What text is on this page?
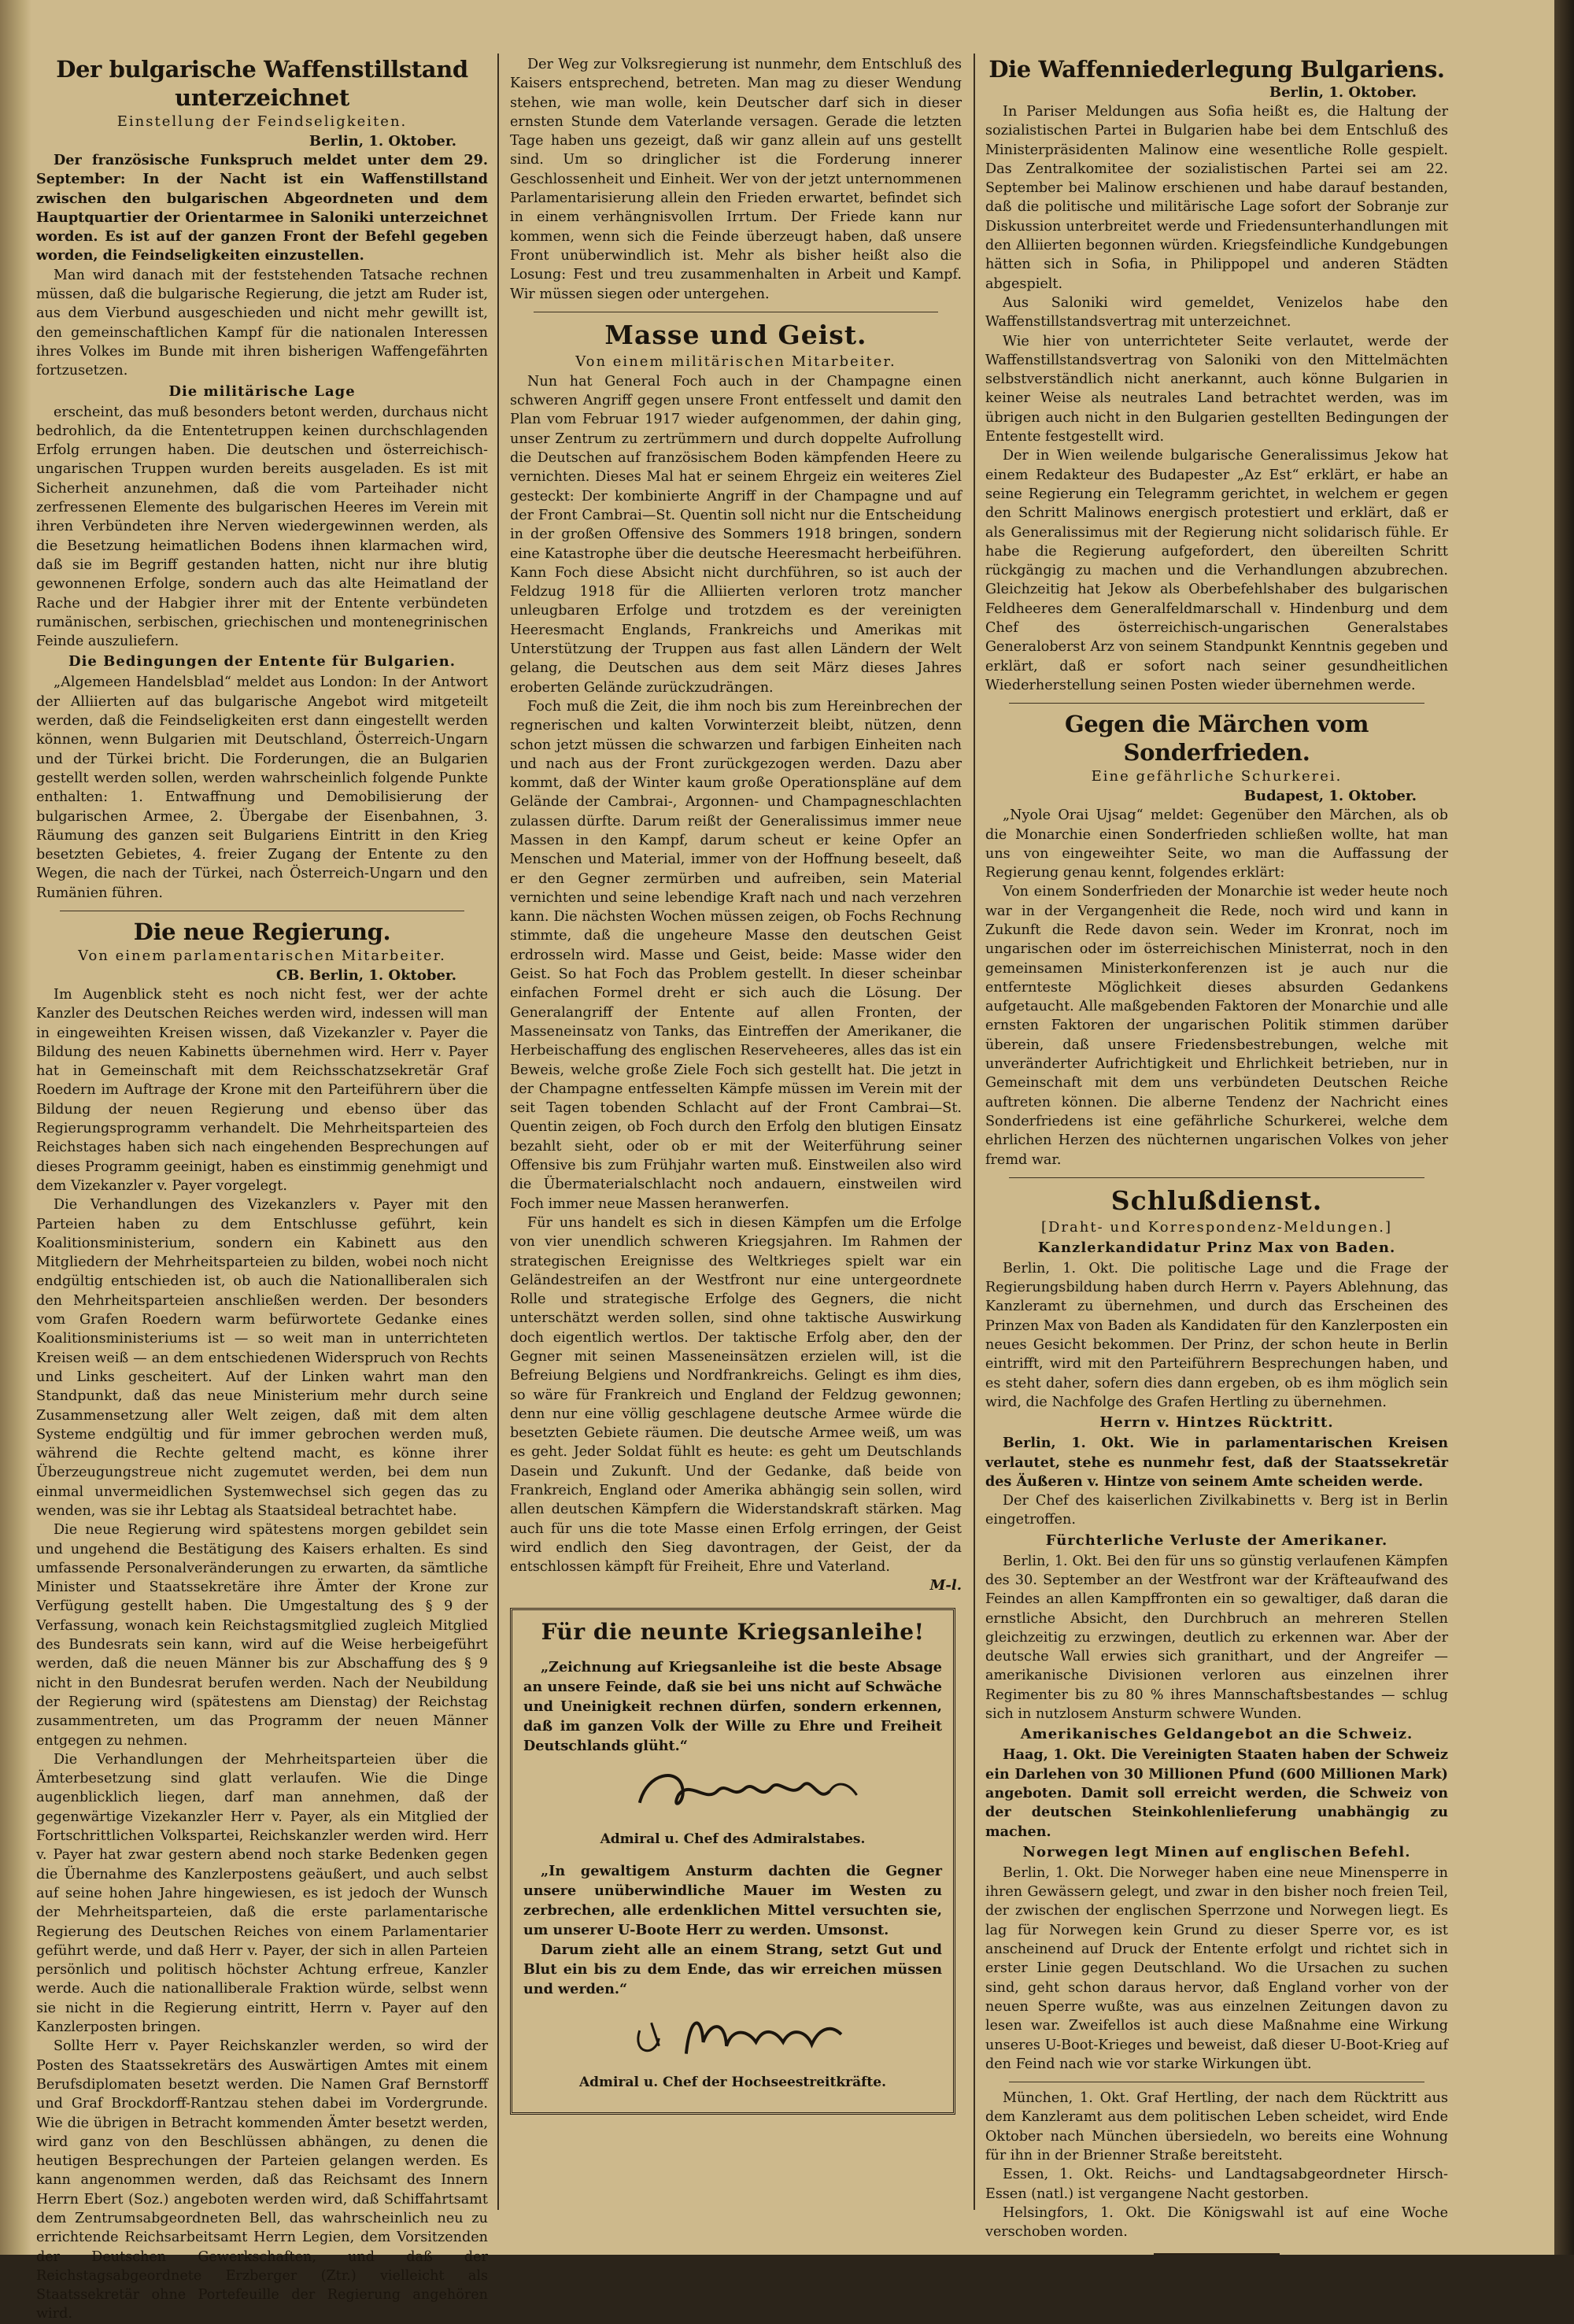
Der bulgarische Waffenstillstand unterzeichnet
Einstellung der Feindseligkeiten.
Berlin, 1. Oktober.

Der französische Funkspruch meldet unter dem 29. September: In der Nacht ist ein Waffenstillstand zwischen den bulgarischen Abgeordneten und dem Hauptquartier der Orientarmee in Saloniki unterzeichnet worden. Es ist auf der ganzen Front der Befehl gegeben worden, die Feindseligkeiten einzustellen.

Man wird danach mit der feststehenden Tatsache rechnen müssen, daß die bulgarische Regierung, die jetzt am Ruder ist, aus dem Vierbund ausgeschieden und nicht mehr gewillt ist, den gemeinschaftlichen Kampf für die nationalen Interessen ihres Volkes im Bunde mit ihren bisherigen Waffengefährten fortzusetzen.

Die militärische Lage

erscheint, das muß besonders betont werden, durchaus nicht bedrohlich, da die Ententetruppen keinen durchschlagenden Erfolg errungen haben. Die deutschen und österreichisch-ungarischen Truppen wurden bereits ausgeladen. Es ist mit Sicherheit anzunehmen, daß die vom Parteihader nicht zerfressenen Elemente des bulgarischen Heeres im Verein mit ihren Verbündeten ihre Nerven wiedergewinnen werden, als die Besetzung heimatlichen Bodens ihnen klarmachen wird, daß sie im Begriff gestanden hatten, nicht nur ihre blutig gewonnenen Erfolge, sondern auch das alte Heimatland der Rache und der Habgier ihrer mit der Entente verbündeten rumänischen, serbischen, griechischen und montenegrinischen Feinde auszuliefern.

Die Bedingungen der Entente für Bulgarien.

„Algemeen Handelsblad“ meldet aus London: In der Antwort der Alliierten auf das bulgarische Angebot wird mitgeteilt werden, daß die Feindseligkeiten erst dann eingestellt werden können, wenn Bulgarien mit Deutschland, Österreich-Ungarn und der Türkei bricht. Die Forderungen, die an Bulgarien gestellt werden sollen, werden wahrscheinlich folgende Punkte enthalten: 1. Entwaffnung und Demobilisierung der bulgarischen Armee, 2. Übergabe der Eisenbahnen, 3. Räumung des ganzen seit Bulgariens Eintritt in den Krieg besetzten Gebietes, 4. freier Zugang der Entente zu den Wegen, die nach der Türkei, nach Österreich-Ungarn und den Rumänien führen.

Die neue Regierung.
Von einem parlamentarischen Mitarbeiter.
CB. Berlin, 1. Oktober.

Im Augenblick steht es noch nicht fest, wer der achte Kanzler des Deutschen Reiches werden wird, indessen will man in eingeweihten Kreisen wissen, daß Vizekanzler v. Payer die Bildung des neuen Kabinetts übernehmen wird. Herr v. Payer hat in Gemeinschaft mit dem Reichsschatzsekretär Graf Roedern im Auftrage der Krone mit den Parteiführern über die Bildung der neuen Regierung und ebenso über das Regierungsprogramm verhandelt. Die Mehrheitsparteien des Reichstages haben sich nach eingehenden Besprechungen auf dieses Programm geeinigt, haben es einstimmig genehmigt und dem Vizekanzler v. Payer vorgelegt.

Die Verhandlungen des Vizekanzlers v. Payer mit den Parteien haben zu dem Entschlusse geführt, kein Koalitionsministerium, sondern ein Kabinett aus den Mitgliedern der Mehrheitsparteien zu bilden, wobei noch nicht endgültig entschieden ist, ob auch die Nationalliberalen sich den Mehrheitsparteien anschließen werden. Der besonders vom Grafen Roedern warm befürwortete Gedanke eines Koalitionsministeriums ist — so weit man in unterrichteten Kreisen weiß — an dem entschiedenen Widerspruch von Rechts und Links gescheitert. Auf der Linken wahrt man den Standpunkt, daß das neue Ministerium mehr durch seine Zusammensetzung aller Welt zeigen, daß mit dem alten Systeme endgültig und für immer gebrochen werden muß, während die Rechte geltend macht, es könne ihrer Überzeugungstreue nicht zugemutet werden, bei dem nun einmal unvermeidlichen Systemwechsel sich gegen das zu wenden, was sie ihr Lebtag als Staatsideal betrachtet habe.

Die neue Regierung wird spätestens morgen gebildet sein und ungehend die Bestätigung des Kaisers erhalten. Es sind umfassende Personalveränderungen zu erwarten, da sämtliche Minister und Staatssekretäre ihre Ämter der Krone zur Verfügung gestellt haben. Die Umgestaltung des § 9 der Verfassung, wonach kein Reichstagsmitglied zugleich Mitglied des Bundesrats sein kann, wird auf die Weise herbeigeführt werden, daß die neuen Männer bis zur Abschaffung des § 9 nicht in den Bundesrat berufen werden. Nach der Neubildung der Regierung wird (spätestens am Dienstag) der Reichstag zusammentreten, um das Programm der neuen Männer entgegen zu nehmen.

Die Verhandlungen der Mehrheitsparteien über die Ämterbesetzung sind glatt verlaufen. Wie die Dinge augenblicklich liegen, darf man annehmen, daß der gegenwärtige Vizekanzler Herr v. Payer, als ein Mitglied der Fortschrittlichen Volkspartei, Reichskanzler werden wird. Herr v. Payer hat zwar gestern abend noch starke Bedenken gegen die Übernahme des Kanzlerpostens geäußert, und auch selbst auf seine hohen Jahre hingewiesen, es ist jedoch der Wunsch der Mehrheitsparteien, daß die erste parlamentarische Regierung des Deutschen Reiches von einem Parlamentarier geführt werde, und daß Herr v. Payer, der sich in allen Parteien persönlich und politisch höchster Achtung erfreue, Kanzler werde. Auch die nationalliberale Fraktion würde, selbst wenn sie nicht in die Regierung eintritt, Herrn v. Payer auf den Kanzlerposten bringen.

Sollte Herr v. Payer Reichskanzler werden, so wird der Posten des Staatssekretärs des Auswärtigen Amtes mit einem Berufsdiplomaten besetzt werden. Die Namen Graf Bernstorff und Graf Brockdorff-Rantzau stehen dabei im Vordergrunde. Wie die übrigen in Betracht kommenden Ämter besetzt werden, wird ganz von den Beschlüssen abhängen, zu denen die heutigen Besprechungen der Parteien gelangen werden. Es kann angenommen werden, daß das Reichsamt des Innern Herrn Ebert (Soz.) angeboten werden wird, daß Schiffahrtsamt dem Zentrumsabgeordneten Bell, das wahrscheinlich neu zu errichtende Reichsarbeitsamt Herrn Legien, dem Vorsitzenden der Deutschen Gewerkschaften, und daß der Reichstagsabgeordnete Erzberger (Ztr.) vielleicht als Staatssekretär ohne Portefeuille der Regierung angehören wird.

Der Weg zur Volksregierung ist nunmehr, dem Entschluß des Kaisers entsprechend, betreten. Man mag zu dieser Wendung stehen, wie man wolle, kein Deutscher darf sich in dieser ernsten Stunde dem Vaterlande versagen. Gerade die letzten Tage haben uns gezeigt, daß wir ganz allein auf uns gestellt sind. Um so dringlicher ist die Forderung innerer Geschlossenheit und Einheit. Wer von der jetzt unternommenen Parlamentarisierung allein den Frieden erwartet, befindet sich in einem verhängnisvollen Irrtum. Der Friede kann nur kommen, wenn sich die Feinde überzeugt haben, daß unsere Front unüberwindlich ist. Mehr als bisher heißt also die Losung: Fest und treu zusammenhalten in Arbeit und Kampf. Wir müssen siegen oder untergehen.

Masse und Geist.
Von einem militärischen Mitarbeiter.

Nun hat General Foch auch in der Champagne einen schweren Angriff gegen unsere Front entfesselt und damit den Plan vom Februar 1917 wieder aufgenommen, der dahin ging, unser Zentrum zu zertrümmern und durch doppelte Aufrollung die Deutschen auf französischem Boden kämpfenden Heere zu vernichten. Dieses Mal hat er seinem Ehrgeiz ein weiteres Ziel gesteckt: Der kombinierte Angriff in der Champagne und auf der Front Cambrai—St. Quentin soll nicht nur die Entscheidung in der großen Offensive des Sommers 1918 bringen, sondern eine Katastrophe über die deutsche Heeresmacht herbeiführen. Kann Foch diese Absicht nicht durchführen, so ist auch der Feldzug 1918 für die Alliierten verloren trotz mancher unleugbaren Erfolge und trotzdem es der vereinigten Heeresmacht Englands, Frankreichs und Amerikas mit Unterstützung der Truppen aus fast allen Ländern der Welt gelang, die Deutschen aus dem seit März dieses Jahres eroberten Gelände zurückzudrängen.

Foch muß die Zeit, die ihm noch bis zum Hereinbrechen der regnerischen und kalten Vorwinterzeit bleibt, nützen, denn schon jetzt müssen die schwarzen und farbigen Einheiten nach und nach aus der Front zurückgezogen werden. Dazu aber kommt, daß der Winter kaum große Operationspläne auf dem Gelände der Cambrai-, Argonnen- und Champagneschlachten zulassen dürfte. Darum reißt der Generalissimus immer neue Massen in den Kampf, darum scheut er keine Opfer an Menschen und Material, immer von der Hoffnung beseelt, daß er den Gegner zermürben und aufreiben, sein Material vernichten und seine lebendige Kraft nach und nach verzehren kann. Die nächsten Wochen müssen zeigen, ob Fochs Rechnung stimmte, daß die ungeheure Masse den deutschen Geist erdrosseln wird. Masse und Geist, beide: Masse wider den Geist. So hat Foch das Problem gestellt. In dieser scheinbar einfachen Formel dreht er sich auch die Lösung. Der Generalangriff der Entente auf allen Fronten, der Masseneinsatz von Tanks, das Eintreffen der Amerikaner, die Herbeischaffung des englischen Reserveheeres, alles das ist ein Beweis, welche große Ziele Foch sich gestellt hat. Die jetzt in der Champagne entfesselten Kämpfe müssen im Verein mit der seit Tagen tobenden Schlacht auf der Front Cambrai—St. Quentin zeigen, ob Foch durch den Erfolg den blutigen Einsatz bezahlt sieht, oder ob er mit der Weiterführung seiner Offensive bis zum Frühjahr warten muß. Einstweilen also wird die Übermaterialschlacht noch andauern, einstweilen wird Foch immer neue Massen heranwerfen.

Für uns handelt es sich in diesen Kämpfen um die Erfolge von vier unendlich schweren Kriegsjahren. Im Rahmen der strategischen Ereignisse des Weltkrieges spielt war ein Geländestreifen an der Westfront nur eine untergeordnete Rolle und strategische Erfolge des Gegners, die nicht unterschätzt werden sollen, sind ohne taktische Auswirkung doch eigentlich wertlos. Der taktische Erfolg aber, den der Gegner mit seinen Masseneinsätzen erzielen will, ist die Befreiung Belgiens und Nordfrankreichs. Gelingt es ihm dies, so wäre für Frankreich und England der Feldzug gewonnen; denn nur eine völlig geschlagene deutsche Armee würde die besetzten Gebiete räumen. Die deutsche Armee weiß, um was es geht. Jeder Soldat fühlt es heute: es geht um Deutschlands Dasein und Zukunft. Und der Gedanke, daß beide von Frankreich, England oder Amerika abhängig sein sollen, wird allen deutschen Kämpfern die Widerstandskraft stärken. Mag auch für uns die tote Masse einen Erfolg erringen, der Geist wird endlich den Sieg davontragen, der Geist, der da entschlossen kämpft für Freiheit, Ehre und Vaterland.

M-l.
Für die neunte Kriegsanleihe!

„Zeichnung auf Kriegsanleihe ist die beste Absage an unsere Feinde, daß sie bei uns nicht auf Schwäche und Uneinigkeit rechnen dürfen, sondern erkennen, daß im ganzen Volk der Wille zu Ehre und Freiheit Deutschlands glüht.“

Admiral u. Chef des Admiralstabes.

„In gewaltigem Ansturm dachten die Gegner unsere unüberwindliche Mauer im Westen zu zerbrechen, alle erdenklichen Mittel versuchten sie, um unserer U-Boote Herr zu werden. Umsonst.

Darum zieht alle an einem Strang, setzt Gut und Blut ein bis zu dem Ende, das wir erreichen müssen und werden.“

Admiral u. Chef der Hochseestreitkräfte.
Die Waffenniederlegung Bulgariens.
Berlin, 1. Oktober.

In Pariser Meldungen aus Sofia heißt es, die Haltung der sozialistischen Partei in Bulgarien habe bei dem Entschluß des Ministerpräsidenten Malinow eine wesentliche Rolle gespielt. Das Zentralkomitee der sozialistischen Partei sei am 22. September bei Malinow erschienen und habe darauf bestanden, daß die politische und militärische Lage sofort der Sobranje zur Diskussion unterbreitet werde und Friedensunterhandlungen mit den Alliierten begonnen würden. Kriegsfeindliche Kundgebungen hätten sich in Sofia, in Philippopel und anderen Städten abgespielt.

Aus Saloniki wird gemeldet, Venizelos habe den Waffenstillstandsvertrag mit unterzeichnet.

Wie hier von unterrichteter Seite verlautet, werde der Waffenstillstandsvertrag von Saloniki von den Mittelmächten selbstverständlich nicht anerkannt, auch könne Bulgarien in keiner Weise als neutrales Land betrachtet werden, was im übrigen auch nicht in den Bulgarien gestellten Bedingungen der Entente festgestellt wird.

Der in Wien weilende bulgarische Generalissimus Jekow hat einem Redakteur des Budapester „Az Est“ erklärt, er habe an seine Regierung ein Telegramm gerichtet, in welchem er gegen den Schritt Malinows energisch protestiert und erklärt, daß er als Generalissimus mit der Regierung nicht solidarisch fühle. Er habe die Regierung aufgefordert, den übereilten Schritt rückgängig zu machen und die Verhandlungen abzubrechen. Gleichzeitig hat Jekow als Oberbefehlshaber des bulgarischen Feldheeres dem Generalfeldmarschall v. Hindenburg und dem Chef des österreichisch-ungarischen Generalstabes Generaloberst Arz von seinem Standpunkt Kenntnis gegeben und erklärt, daß er sofort nach seiner gesundheitlichen Wiederherstellung seinen Posten wieder übernehmen werde.

Gegen die Märchen vom Sonderfrieden.
Eine gefährliche Schurkerei.
Budapest, 1. Oktober.

„Nyole Orai Ujsag“ meldet: Gegenüber den Märchen, als ob die Monarchie einen Sonderfrieden schließen wollte, hat man uns von eingeweihter Seite, wo man die Auffassung der Regierung genau kennt, folgendes erklärt:

Von einem Sonderfrieden der Monarchie ist weder heute noch war in der Vergangenheit die Rede, noch wird und kann in Zukunft die Rede davon sein. Weder im Kronrat, noch im ungarischen oder im österreichischen Ministerrat, noch in den gemeinsamen Ministerkonferenzen ist je auch nur die entfernteste Möglichkeit dieses absurden Gedankens aufgetaucht. Alle maßgebenden Faktoren der Monarchie und alle ernsten Faktoren der ungarischen Politik stimmen darüber überein, daß unsere Friedensbestrebungen, welche mit unveränderter Aufrichtigkeit und Ehrlichkeit betrieben, nur in Gemeinschaft mit dem uns verbündeten Deutschen Reiche auftreten können. Die alberne Tendenz der Nachricht eines Sonderfriedens ist eine gefährliche Schurkerei, welche dem ehrlichen Herzen des nüchternen ungarischen Volkes von jeher fremd war.

Schlußdienst.
[Draht- und Korrespondenz-Meldungen.]
Kanzlerkandidatur Prinz Max von Baden.

Berlin, 1. Okt. Die politische Lage und die Frage der Regierungsbildung haben durch Herrn v. Payers Ablehnung, das Kanzleramt zu übernehmen, und durch das Erscheinen des Prinzen Max von Baden als Kandidaten für den Kanzlerposten ein neues Gesicht bekommen. Der Prinz, der schon heute in Berlin eintrifft, wird mit den Parteiführern Besprechungen haben, und es steht daher, sofern dies dann ergeben, ob es ihm möglich sein wird, die Nachfolge des Grafen Hertling zu übernehmen.

Herrn v. Hintzes Rücktritt.

Berlin, 1. Okt. Wie in parlamentarischen Kreisen verlautet, stehe es nunmehr fest, daß der Staatssekretär des Äußeren v. Hintze von seinem Amte scheiden werde.

Der Chef des kaiserlichen Zivilkabinetts v. Berg ist in Berlin eingetroffen.

Fürchterliche Verluste der Amerikaner.

Berlin, 1. Okt. Bei den für uns so günstig verlaufenen Kämpfen des 30. September an der Westfront war der Kräfteaufwand des Feindes an allen Kampffronten ein so gewaltiger, daß daran die ernstliche Absicht, den Durchbruch an mehreren Stellen gleichzeitig zu erzwingen, deutlich zu erkennen war. Aber der deutsche Wall erwies sich granithart, und der Angreifer — amerikanische Divisionen verloren aus einzelnen ihrer Regimenter bis zu 80 % ihres Mannschaftsbestandes — schlug sich in nutzlosem Ansturm schwere Wunden.

Amerikanisches Geldangebot an die Schweiz.

Haag, 1. Okt. Die Vereinigten Staaten haben der Schweiz ein Darlehen von 30 Millionen Pfund (600 Millionen Mark) angeboten. Damit soll erreicht werden, die Schweiz von der deutschen Steinkohlenlieferung unabhängig zu machen.

Norwegen legt Minen auf englischen Befehl.

Berlin, 1. Okt. Die Norweger haben eine neue Minensperre in ihren Gewässern gelegt, und zwar in den bisher noch freien Teil, der zwischen der englischen Sperrzone und Norwegen liegt. Es lag für Norwegen kein Grund zu dieser Sperre vor, es ist anscheinend auf Druck der Entente erfolgt und richtet sich in erster Linie gegen Deutschland. Wo die Ursachen zu suchen sind, geht schon daraus hervor, daß England vorher von der neuen Sperre wußte, was aus einzelnen Zeitungen davon zu lesen war. Zweifellos ist auch diese Maßnahme eine Wirkung unseres U-Boot-Krieges und beweist, daß dieser U-Boot-Krieg auf den Feind nach wie vor starke Wirkungen übt.

München, 1. Okt. Graf Hertling, der nach dem Rücktritt aus dem Kanzleramt aus dem politischen Leben scheidet, wird Ende Oktober nach München übersiedeln, wo bereits eine Wohnung für ihn in der Brienner Straße bereitsteht.

Essen, 1. Okt. Reichs- und Landtagsabgeordneter Hirsch-Essen (natl.) ist vergangene Nacht gestorben.

Helsingfors, 1. Okt. Die Königswahl ist auf eine Woche verschoben worden.
